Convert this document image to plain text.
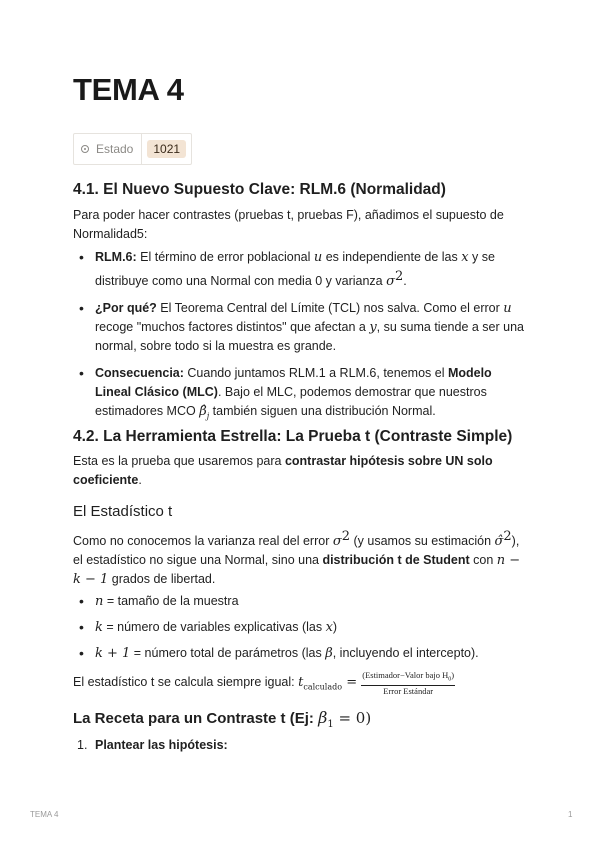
TEMA 4
Estado	1021
4.1. El Nuevo Supuesto Clave: RLM.6 (Normalidad)

Para poder hacer contrastes (pruebas t, pruebas F), añadimos el supuesto de Normalidad5:

• RLM.6: El término de error poblacional u es independiente de las x y se distribuye como una Normal con media 0 y varianza $\sigma^2$.
• ¿Por qué? El Teorema Central del Límite (TCL) nos salva. Como el error u recoge "muchos factores distintos" que afectan a y, su suma tiende a ser una normal, sobre todo si la muestra es grande.
• Consecuencia: Cuando juntamos RLM.1 a RLM.6, tenemos el Modelo Lineal Clásico (MLC). Bajo el MLC, podemos demostrar que nuestros estimadores MCO $\betâ_j$ también siguen una distribución Normal.
4.2. La Herramienta Estrella: La Prueba t (Contraste Simple)

Esta es la prueba que usaremos para contrastar hipótesis sobre UN solo coeficiente.

El Estadístico t

Como no conocemos la varianza real del error $\sigma^2$ (y usamos su estimación σ̂$^2$), el estadístico no sigue una Normal, sino una distribución t de Student con n − k − 1 grados de libertad.

• n = tamaño de la muestra
• k = número de variables explicativas (las x)
• k + 1 = número total de parámetros (las β, incluyendo el intercepto).

El estadístico t se calcula siempre igual: $t_{calculado} = \frac{(Estimador-Valor bajo H_0)}{\text{Error Estándar}}$

La Receta para un Contraste t (Ej: $\beta_1 = 0$)
1. Plantear las hipótesis:
TEMA 4	1
